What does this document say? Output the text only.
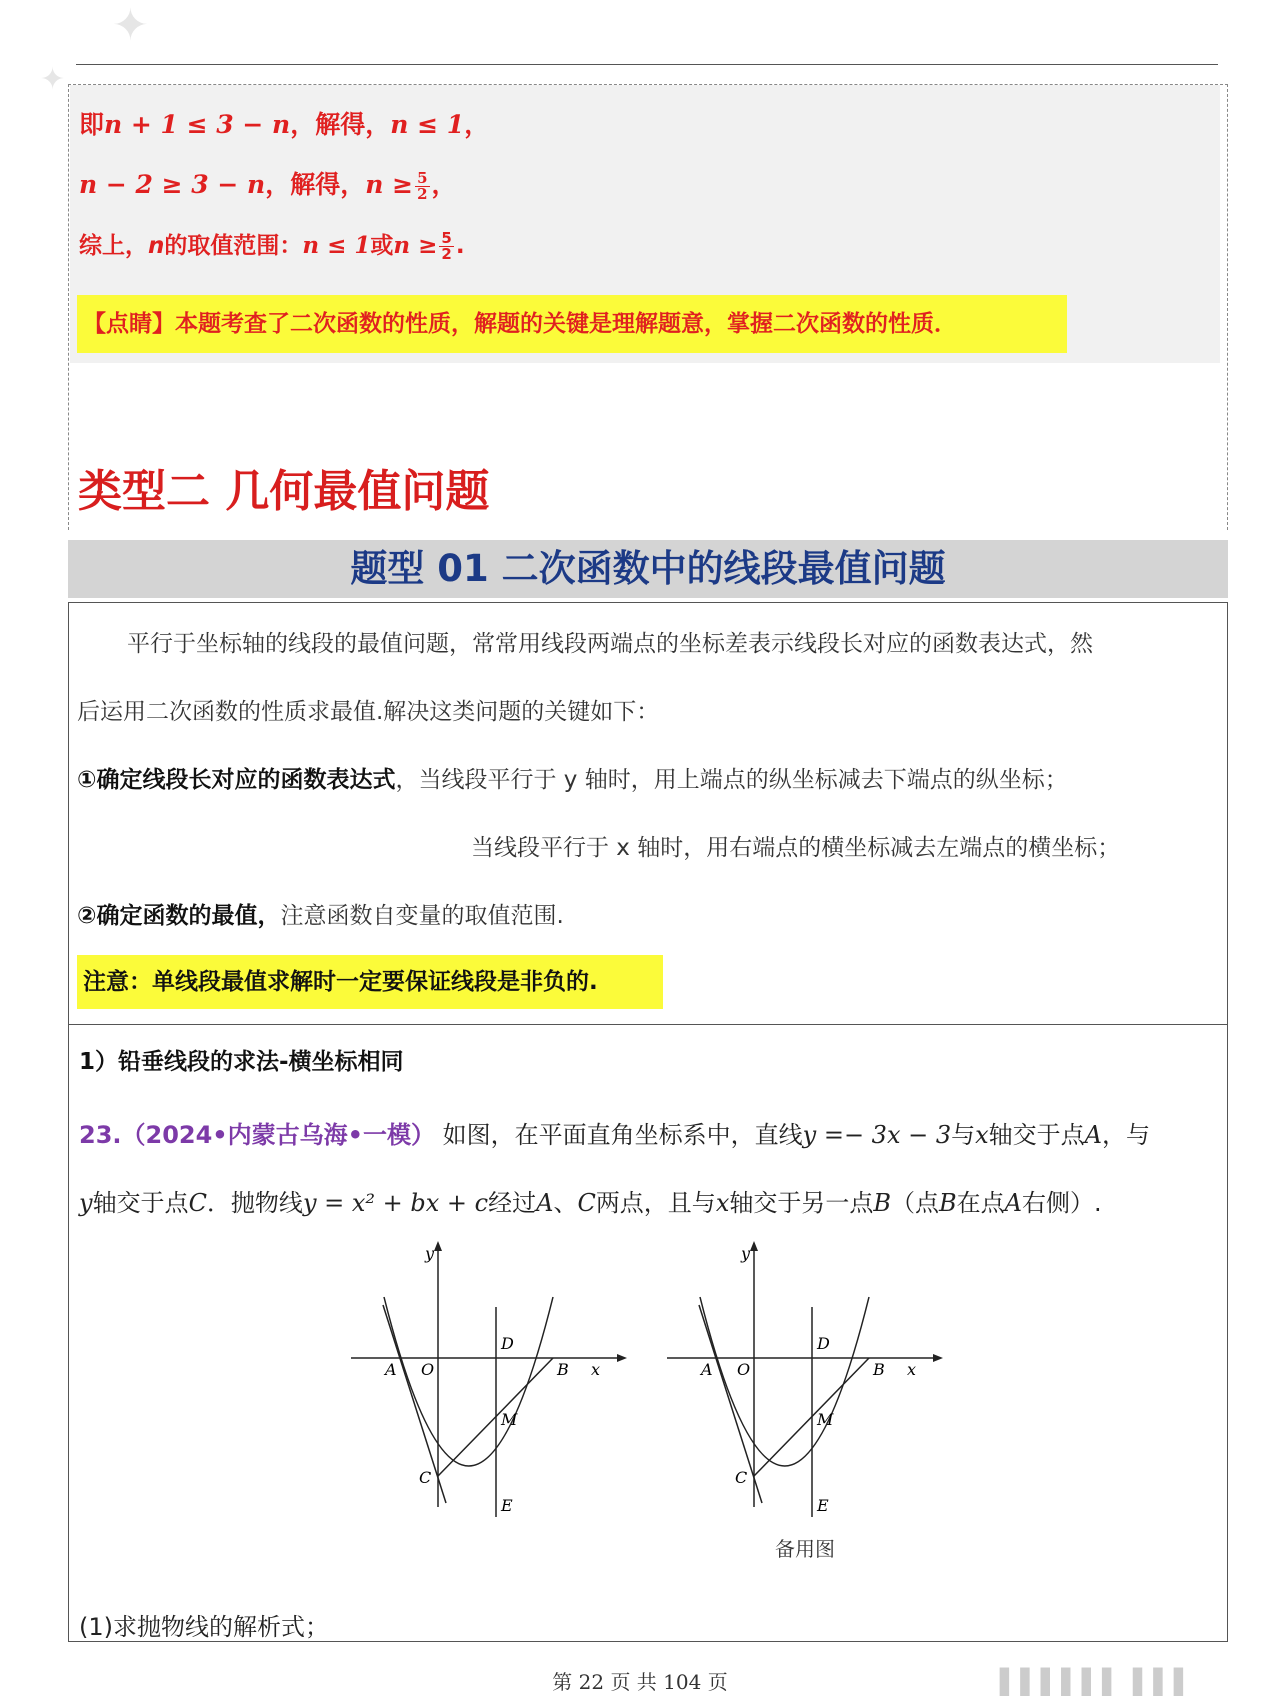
✦
✦
即n + 1 ≤ 3 − n，解得，n ≤ 1，
n − 2 ≥ 3 − n，解得，$n \ge \frac{5}{2}$ ，
综上，n的取值范围：n ≤ 1或$n \ge \frac{5}{2}$ .
【点睛】本题考查了二次函数的性质，解题的关键是理解题意，掌握二次函数的性质．
类型二 几何最值问题
题型 01 二次函数中的线段最值问题
平行于坐标轴的线段的最值问题，常常用线段两端点的坐标差表示线段长对应的函数表达式，然
后运用二次函数的性质求最值.解决这类问题的关键如下：
①确定线段长对应的函数表达式，当线段平行于 y 轴时，用上端点的纵坐标减去下端点的纵坐标；
当线段平行于 x 轴时，用右端点的横坐标减去左端点的横坐标；
②确定函数的最值，注意函数自变量的取值范围.
注意：单线段最值求解时一定要保证线段是非负的.
1）铅垂线段的求法-横坐标相同
23.（2024•内蒙古乌海•一模） 如图，在平面直角坐标系中，直线y =− 3x − 3与x轴交于点A，与
y轴交于点C．抛物线y = x² + bx + c经过A、C两点，且与x轴交于另一点B（点B在点A右侧）.
A O
y
x
B
D
M
C
E
A O
y
x
B
D
M
C
E
备用图
(1)求抛物线的解析式；
第 22 页 共 104 页	▌▌▌▌▌▌ ▌▌▌
